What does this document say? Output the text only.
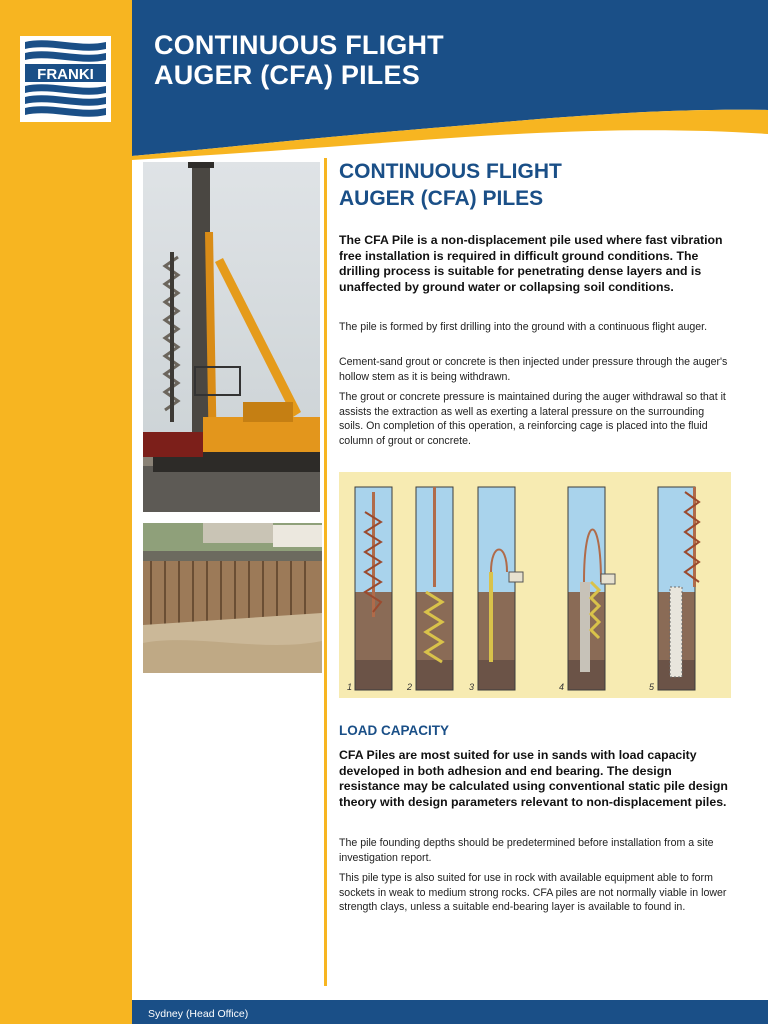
CONTINUOUS FLIGHT
AUGER (CFA) PILES
FRANKI
CONTINUOUS FLIGHT
AUGER (CFA) PILES

The CFA Pile is a non-displacement pile used where fast vibration free installation is required in difficult ground conditions. The drilling process is suitable for penetrating dense layers and is unaffected by ground water or collapsing soil conditions.

The pile is formed by first drilling into the ground with a continuous flight auger.

Cement-sand grout or concrete is then injected under pressure through the auger's hollow stem as it is being withdrawn.

The grout or concrete pressure is maintained during the auger withdrawal so that it assists the extraction as well as exerting a lateral pressure on the surrounding soils. On completion of this operation, a reinforcing cage is placed into the fluid column of grout or concrete.

1	2	3	4	5
LOAD CAPACITY

CFA Piles are most suited for use in sands with load capacity developed in both adhesion and end bearing. The design resistance may be calculated using conventional static pile design theory with design parameters relevant to non-displacement piles.

The pile founding depths should be predetermined before installation from a site investigation report.

This pile type is also suited for use in rock with available equipment able to form sockets in weak to medium strong rocks. CFA piles are not normally viable in lower strength clays, unless a suitable end-bearing layer is available to found in.

Sydney (Head Office)
